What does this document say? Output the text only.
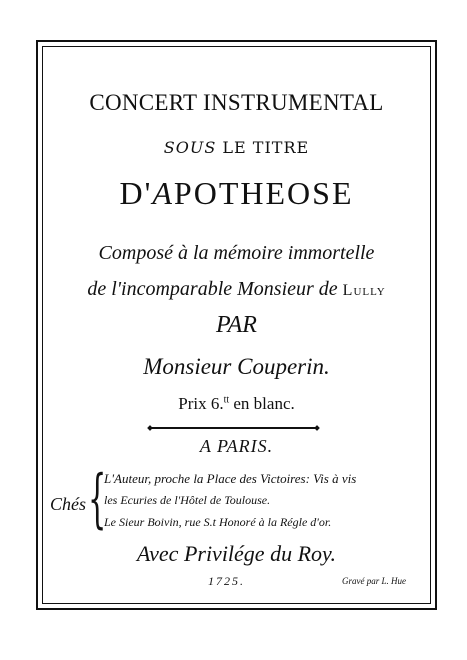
CONCERT INSTRUMENTAL
SOUS LE TITRE
D'APOTHEOSE
Composé à la mémoire immortelle
de l'incomparable Monsieur de Lully
PAR
Monsieur Couperin.
Prix 6.$^{tt}$ en blanc.
A PARIS.
Chés {
L'Auteur, proche la Place des Victoires: Vis à vis
les Ecuries de l'Hôtel de Toulouse.
Le Sieur Boivin, rue S.t Honoré à la Régle d'or.
Avec Privilége du Roy.
1725.	Gravé par L. Hue
